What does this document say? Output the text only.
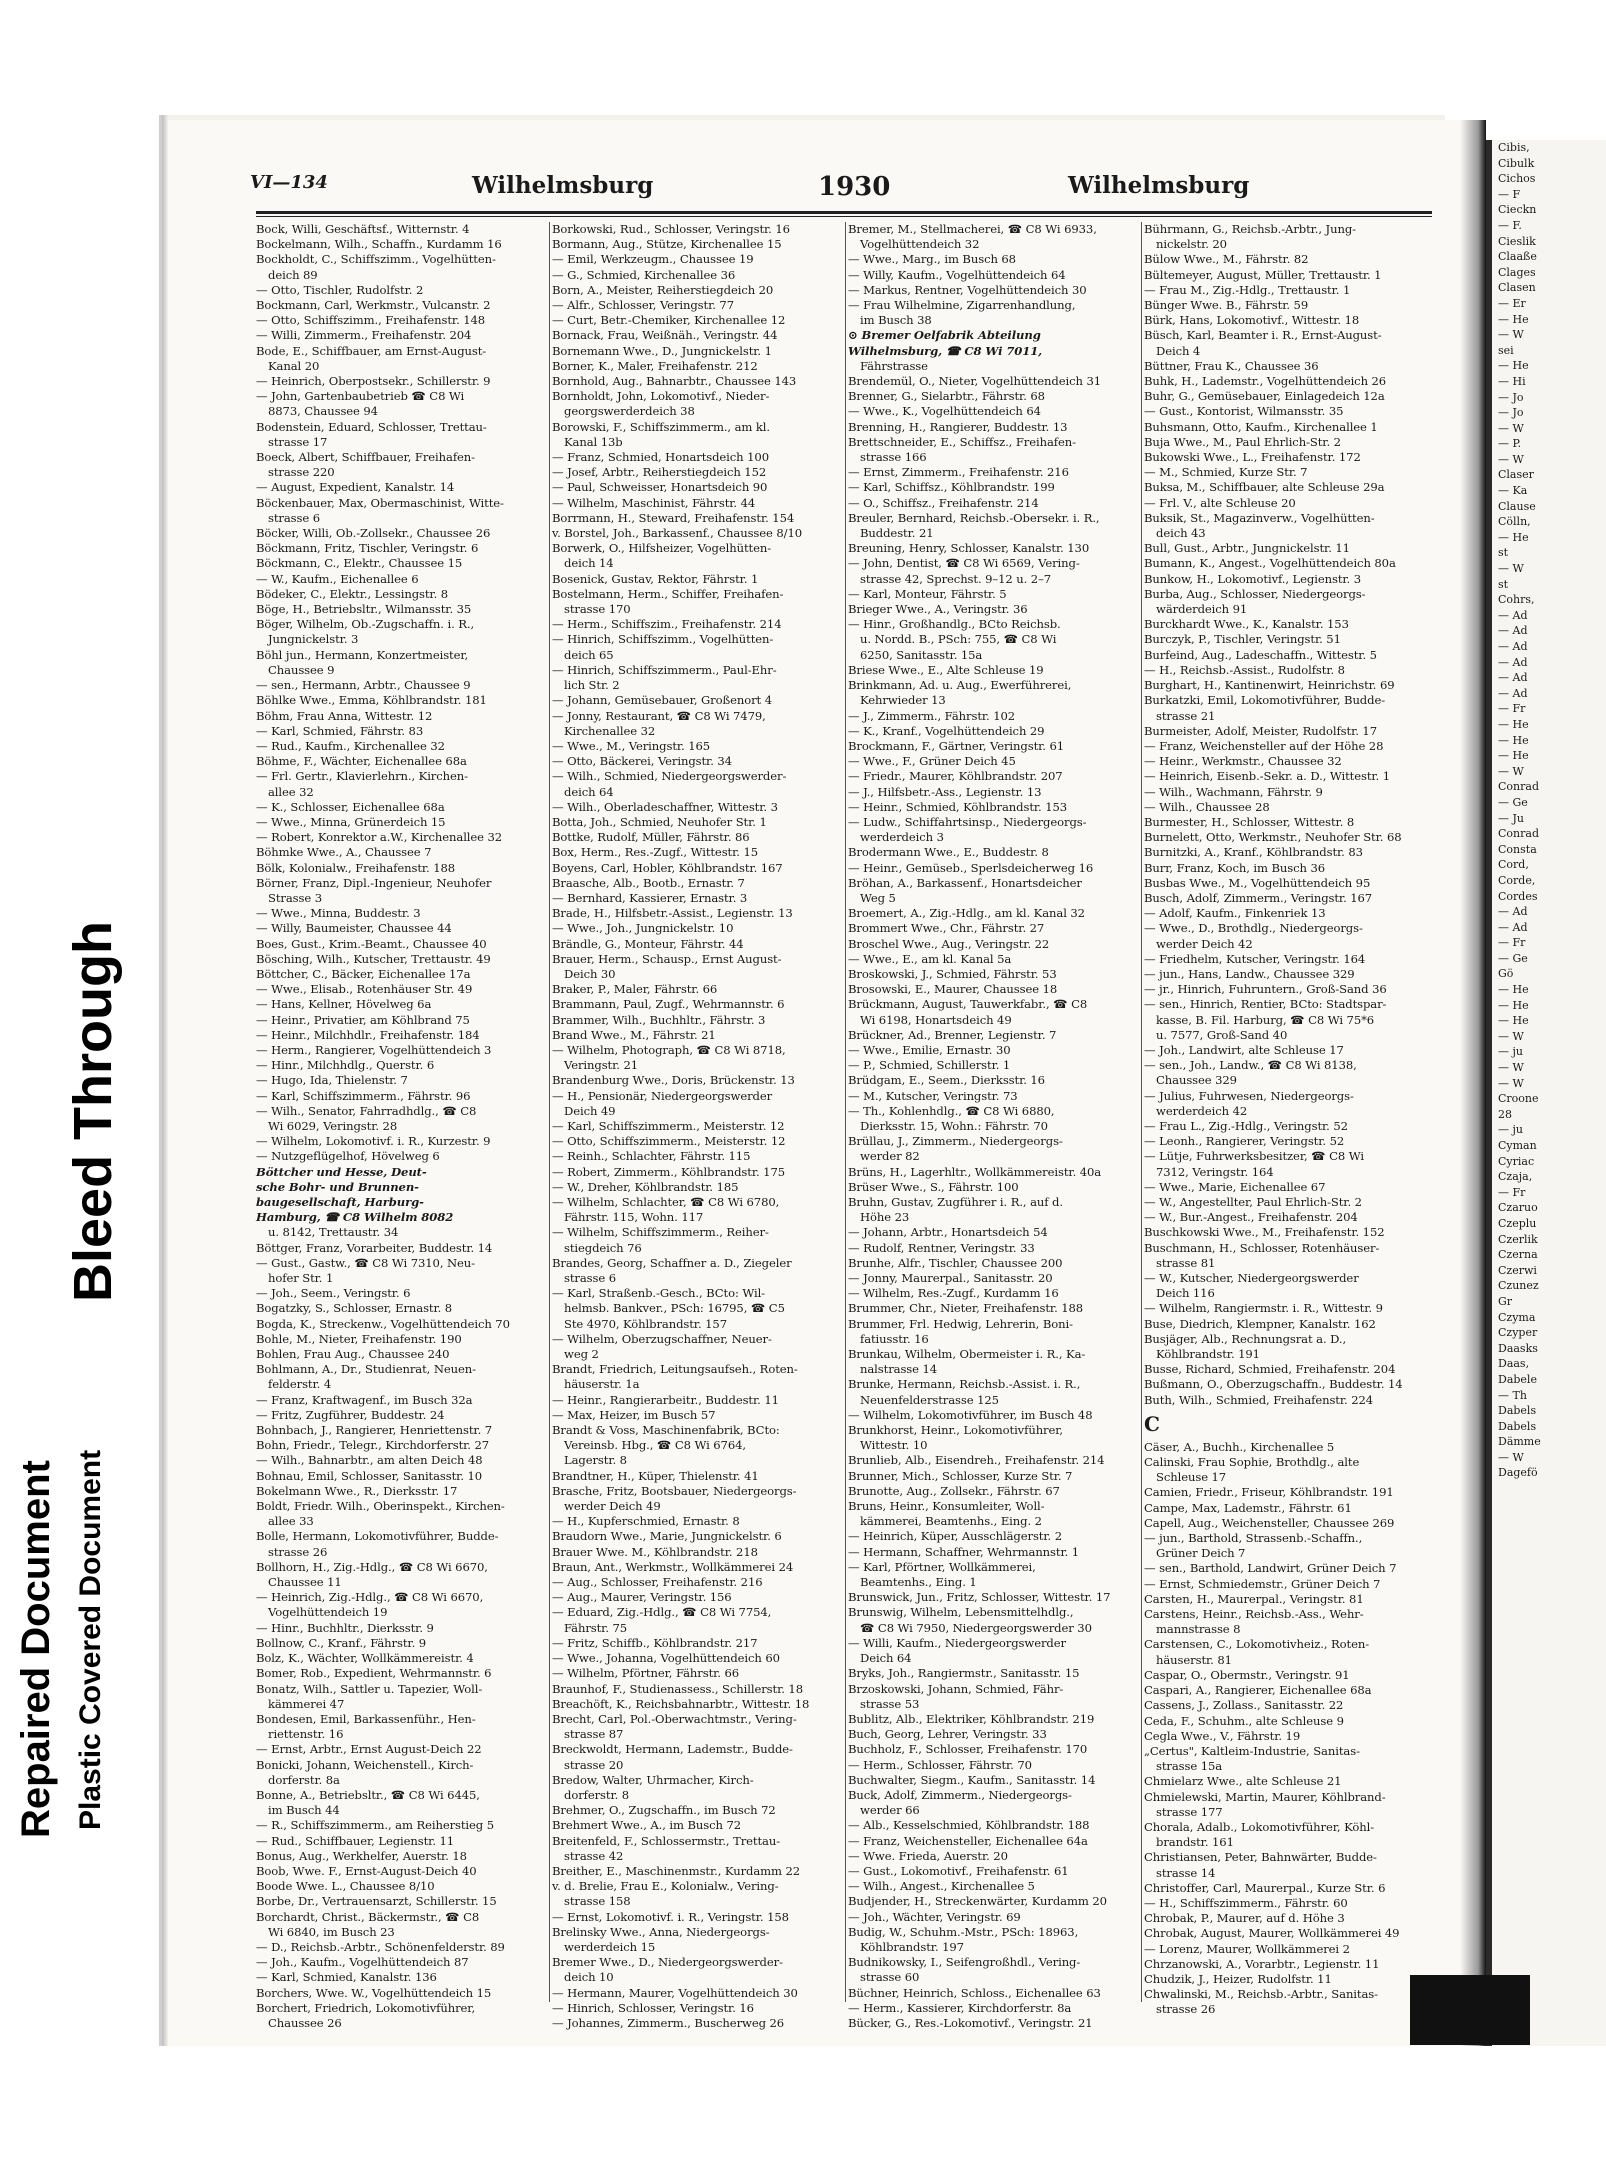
Cibis,
Cibulk
Cichos
— F
Cieckn
— F.
Cieslik
Claaße
Clages
Clasen
— Er
— He
— W
sei
— He
— Hi
— Jo
— Jo
— W
— P.
— W
Claser
— Ka
Clause
Cölln,
— He
st
— W
st
Cohrs,
— Ad
— Ad
— Ad
— Ad
— Ad
— Ad
— Fr
— He
— He
— He
— W
Conrad
— Ge
— Ju
Conrad
Consta
Cord,
Corde,
Cordes
— Ad
— Ad
— Fr
— Ge
Gö
— He
— He
— He
— W
— ju
— W
— W
Croone
28
— ju
Cyman
Cyriac
Czaja,
— Fr
Czaruo
Czeplu
Czerlik
Czerna
Czerwi
Czunez
Gr
Czyma
Czyper
Daasks
Daas,
Dabele
— Th
Dabels
Dabels
Dämme
— W
Dagefö
VI—134	Wilhelmsburg	1930	Wilhelmsburg
Bock, Willi, Geschäftsf., Witternstr. 4
Bockelmann, Wilh., Schaffn., Kurdamm 16
Bockholdt, C., Schiffszimm., Vogelhütten-
deich 89
— Otto, Tischler, Rudolfstr. 2
Bockmann, Carl, Werkmstr., Vulcanstr. 2
— Otto, Schiffszimm., Freihafenstr. 148
— Willi, Zimmerm., Freihafenstr. 204
Bode, E., Schiffbauer, am Ernst-August-
Kanal 20
— Heinrich, Oberpostsekr., Schillerstr. 9
— John, Gartenbaubetrieb ☎ C8 Wi
8873, Chaussee 94
Bodenstein, Eduard, Schlosser, Trettau-
strasse 17
Boeck, Albert, Schiffbauer, Freihafen-
strasse 220
— August, Expedient, Kanalstr. 14
Böckenbauer, Max, Obermaschinist, Witte-
strasse 6
Böcker, Willi, Ob.-Zollsekr., Chaussee 26
Böckmann, Fritz, Tischler, Veringstr. 6
Böckmann, C., Elektr., Chaussee 15
— W., Kaufm., Eichenallee 6
Bödeker, C., Elektr., Lessingstr. 8
Böge, H., Betriebsltr., Wilmansstr. 35
Böger, Wilhelm, Ob.-Zugschaffn. i. R.,
Jungnickelstr. 3
Böhl jun., Hermann, Konzertmeister,
Chaussee 9
— sen., Hermann, Arbtr., Chaussee 9
Böhlke Wwe., Emma, Köhlbrandstr. 181
Böhm, Frau Anna, Wittestr. 12
— Karl, Schmied, Fährstr. 83
— Rud., Kaufm., Kirchenallee 32
Böhme, F., Wächter, Eichenallee 68a
— Frl. Gertr., Klavierlehrn., Kirchen-
allee 32
— K., Schlosser, Eichenallee 68a
— Wwe., Minna, Grünerdeich 15
— Robert, Konrektor a.W., Kirchenallee 32
Böhmke Wwe., A., Chaussee 7
Bölk, Kolonialw., Freihafenstr. 188
Börner, Franz, Dipl.-Ingenieur, Neuhofer
Strasse 3
— Wwe., Minna, Buddestr. 3
— Willy, Baumeister, Chaussee 44
Boes, Gust., Krim.-Beamt., Chaussee 40
Bösching, Wilh., Kutscher, Trettaustr. 49
Böttcher, C., Bäcker, Eichenallee 17a
— Wwe., Elisab., Rotenhäuser Str. 49
— Hans, Kellner, Hövelweg 6a
— Heinr., Privatier, am Köhlbrand 75
— Heinr., Milchhdlr., Freihafenstr. 184
— Herm., Rangierer, Vogelhüttendeich 3
— Hinr., Milchhdlg., Querstr. 6
— Hugo, Ida, Thielenstr. 7
— Karl, Schiffszimmerm., Fährstr. 96
— Wilh., Senator, Fahrradhdlg., ☎ C8
Wi 6029, Veringstr. 28
— Wilhelm, Lokomotivf. i. R., Kurzestr. 9
— Nutzgeflügelhof, Hövelweg 6
Böttcher und Hesse, Deut-
sche Bohr- und Brunnen-
baugesellschaft, Harburg-
Hamburg, ☎ C8 Wilhelm 8082
u. 8142, Trettaustr. 34
Böttger, Franz, Vorarbeiter, Buddestr. 14
— Gust., Gastw., ☎ C8 Wi 7310, Neu-
hofer Str. 1
— Joh., Seem., Veringstr. 6
Bogatzky, S., Schlosser, Ernastr. 8
Bogda, K., Streckenw., Vogelhüttendeich 70
Bohle, M., Nieter, Freihafenstr. 190
Bohlen, Frau Aug., Chaussee 240
Bohlmann, A., Dr., Studienrat, Neuen-
felderstr. 4
— Franz, Kraftwagenf., im Busch 32a
— Fritz, Zugführer, Buddestr. 24
Bohnbach, J., Rangierer, Henriettenstr. 7
Bohn, Friedr., Telegr., Kirchdorferstr. 27
— Wilh., Bahnarbtr., am alten Deich 48
Bohnau, Emil, Schlosser, Sanitasstr. 10
Bokelmann Wwe., R., Dierksstr. 17
Boldt, Friedr. Wilh., Oberinspekt., Kirchen-
allee 33
Bolle, Hermann, Lokomotivführer, Budde-
strasse 26
Bollhorn, H., Zig.-Hdlg., ☎ C8 Wi 6670,
Chaussee 11
— Heinrich, Zig.-Hdlg., ☎ C8 Wi 6670,
Vogelhüttendeich 19
— Hinr., Buchhltr., Dierksstr. 9
Bollnow, C., Kranf., Fährstr. 9
Bolz, K., Wächter, Wollkämmereistr. 4
Bomer, Rob., Expedient, Wehrmannstr. 6
Bonatz, Wilh., Sattler u. Tapezier, Woll-
kämmerei 47
Bondesen, Emil, Barkassenführ., Hen-
riettenstr. 16
— Ernst, Arbtr., Ernst August-Deich 22
Bonicki, Johann, Weichenstell., Kirch-
dorferstr. 8a
Bonne, A., Betriebsltr., ☎ C8 Wi 6445,
im Busch 44
— R., Schiffszimmerm., am Reiherstieg 5
— Rud., Schiffbauer, Legienstr. 11
Bonus, Aug., Werkhelfer, Auerstr. 18
Boob, Wwe. F., Ernst-August-Deich 40
Boode Wwe. L., Chaussee 8/10
Borbe, Dr., Vertrauensarzt, Schillerstr. 15
Borchardt, Christ., Bäckermstr., ☎ C8
Wi 6840, im Busch 23
— D., Reichsb.-Arbtr., Schönenfelderstr. 89
— Joh., Kaufm., Vogelhüttendeich 87
— Karl, Schmied, Kanalstr. 136
Borchers, Wwe. W., Vogelhüttendeich 15
Borchert, Friedrich, Lokomotivführer,
Chaussee 26
Borkowski, Rud., Schlosser, Veringstr. 16
Bormann, Aug., Stütze, Kirchenallee 15
— Emil, Werkzeugm., Chaussee 19
— G., Schmied, Kirchenallee 36
Born, A., Meister, Reiherstiegdeich 20
— Alfr., Schlosser, Veringstr. 77
— Curt, Betr.-Chemiker, Kirchenallee 12
Bornack, Frau, Weißnäh., Veringstr. 44
Bornemann Wwe., D., Jungnickelstr. 1
Borner, K., Maler, Freihafenstr. 212
Bornhold, Aug., Bahnarbtr., Chaussee 143
Bornholdt, John, Lokomotivf., Nieder-
georgswerderdeich 38
Borowski, F., Schiffszimmerm., am kl.
Kanal 13b
— Franz, Schmied, Honartsdeich 100
— Josef, Arbtr., Reiherstiegdeich 152
— Paul, Schweisser, Honartsdeich 90
— Wilhelm, Maschinist, Fährstr. 44
Borrmann, H., Steward, Freihafenstr. 154
v. Borstel, Joh., Barkassenf., Chaussee 8/10
Borwerk, O., Hilfsheizer, Vogelhütten-
deich 14
Bosenick, Gustav, Rektor, Fährstr. 1
Bostelmann, Herm., Schiffer, Freihafen-
strasse 170
— Herm., Schiffszim., Freihafenstr. 214
— Hinrich, Schiffszimm., Vogelhütten-
deich 65
— Hinrich, Schiffszimmerm., Paul-Ehr-
lich Str. 2
— Johann, Gemüsebauer, Großenort 4
— Jonny, Restaurant, ☎ C8 Wi 7479,
Kirchenallee 32
— Wwe., M., Veringstr. 165
— Otto, Bäckerei, Veringstr. 34
— Wilh., Schmied, Niedergeorgswerder-
deich 64
— Wilh., Oberladeschaffner, Wittestr. 3
Botta, Joh., Schmied, Neuhofer Str. 1
Bottke, Rudolf, Müller, Fährstr. 86
Box, Herm., Res.-Zugf., Wittestr. 15
Boyens, Carl, Hobler, Köhlbrandstr. 167
Braasche, Alb., Bootb., Ernastr. 7
— Bernhard, Kassierer, Ernastr. 3
Brade, H., Hilfsbetr.-Assist., Legienstr. 13
— Wwe., Joh., Jungnickelstr. 10
Brändle, G., Monteur, Fährstr. 44
Brauer, Herm., Schausp., Ernst August-
Deich 30
Braker, P., Maler, Fährstr. 66
Brammann, Paul, Zugf., Wehrmannstr. 6
Brammer, Wilh., Buchhltr., Fährstr. 3
Brand Wwe., M., Fährstr. 21
— Wilhelm, Photograph, ☎ C8 Wi 8718,
Veringstr. 21
Brandenburg Wwe., Doris, Brückenstr. 13
— H., Pensionär, Niedergeorgswerder
Deich 49
— Karl, Schiffszimmerm., Meisterstr. 12
— Otto, Schiffszimmerm., Meisterstr. 12
— Reinh., Schlachter, Fährstr. 115
— Robert, Zimmerm., Köhlbrandstr. 175
— W., Dreher, Köhlbrandstr. 185
— Wilhelm, Schlachter, ☎ C8 Wi 6780,
Fährstr. 115, Wohn. 117
— Wilhelm, Schiffszimmerm., Reiher-
stiegdeich 76
Brandes, Georg, Schaffner a. D., Ziegeler
strasse 6
— Karl, Straßenb.-Gesch., BCto: Wil-
helmsb. Bankver., PSch: 16795, ☎ C5
Ste 4970, Köhlbrandstr. 157
— Wilhelm, Oberzugschaffner, Neuer-
weg 2
Brandt, Friedrich, Leitungsaufseh., Roten-
häuserstr. 1a
— Heinr., Rangierarbeitr., Buddestr. 11
— Max, Heizer, im Busch 57
Brandt & Voss, Maschinenfabrik, BCto:
Vereinsb. Hbg., ☎ C8 Wi 6764,
Lagerstr. 8
Brandtner, H., Küper, Thielenstr. 41
Brasche, Fritz, Bootsbauer, Niedergeorgs-
werder Deich 49
— H., Kupferschmied, Ernastr. 8
Braudorn Wwe., Marie, Jungnickelstr. 6
Brauer Wwe. M., Köhlbrandstr. 218
Braun, Ant., Werkmstr., Wollkämmerei 24
— Aug., Schlosser, Freihafenstr. 216
— Aug., Maurer, Veringstr. 156
— Eduard, Zig.-Hdlg., ☎ C8 Wi 7754,
Fährstr. 75
— Fritz, Schiffb., Köhlbrandstr. 217
— Wwe., Johanna, Vogelhüttendeich 60
— Wilhelm, Pförtner, Fährstr. 66
Braunhof, F., Studienassess., Schillerstr. 18
Breachöft, K., Reichsbahnarbtr., Wittestr. 18
Brecht, Carl, Pol.-Oberwachtmstr., Vering-
strasse 87
Breckwoldt, Hermann, Lademstr., Budde-
strasse 20
Bredow, Walter, Uhrmacher, Kirch-
dorferstr. 8
Brehmer, O., Zugschaffn., im Busch 72
Brehmert Wwe., A., im Busch 72
Breitenfeld, F., Schlossermstr., Trettau-
strasse 42
Breither, E., Maschinenmstr., Kurdamm 22
v. d. Brelie, Frau E., Kolonialw., Vering-
strasse 158
— Ernst, Lokomotivf. i. R., Veringstr. 158
Brelinsky Wwe., Anna, Niedergeorgs-
werderdeich 15
Bremer Wwe., D., Niedergeorgswerder-
deich 10
— Hermann, Maurer, Vogelhüttendeich 30
— Hinrich, Schlosser, Veringstr. 16
— Johannes, Zimmerm., Buscherweg 26
Bremer, M., Stellmacherei, ☎ C8 Wi 6933,
Vogelhüttendeich 32
— Wwe., Marg., im Busch 68
— Willy, Kaufm., Vogelhüttendeich 64
— Markus, Rentner, Vogelhüttendeich 30
— Frau Wilhelmine, Zigarrenhandlung,
im Busch 38
⊙ Bremer Oelfabrik Abteilung
Wilhelmsburg, ☎ C8 Wi 7011,
Fährstrasse
Brendemül, O., Nieter, Vogelhüttendeich 31
Brenner, G., Sielarbtr., Fährstr. 68
— Wwe., K., Vogelhüttendeich 64
Brenning, H., Rangierer, Buddestr. 13
Brettschneider, E., Schiffsz., Freihafen-
strasse 166
— Ernst, Zimmerm., Freihafenstr. 216
— Karl, Schiffsz., Köhlbrandstr. 199
— O., Schiffsz., Freihafenstr. 214
Breuler, Bernhard, Reichsb.-Obersekr. i. R.,
Buddestr. 21
Breuning, Henry, Schlosser, Kanalstr. 130
— John, Dentist, ☎ C8 Wi 6569, Vering-
strasse 42, Sprechst. 9–12 u. 2–7
— Karl, Monteur, Fährstr. 5
Brieger Wwe., A., Veringstr. 36
— Hinr., Großhandlg., BCto Reichsb.
u. Nordd. B., PSch: 755, ☎ C8 Wi
6250, Sanitasstr. 15a
Briese Wwe., E., Alte Schleuse 19
Brinkmann, Ad. u. Aug., Ewerführerei,
Kehrwieder 13
— J., Zimmerm., Fährstr. 102
— K., Kranf., Vogelhüttendeich 29
Brockmann, F., Gärtner, Veringstr. 61
— Wwe., F., Grüner Deich 45
— Friedr., Maurer, Köhlbrandstr. 207
— J., Hilfsbetr.-Ass., Legienstr. 13
— Heinr., Schmied, Köhlbrandstr. 153
— Ludw., Schiffahrtsinsp., Niedergeorgs-
werderdeich 3
Brodermann Wwe., E., Buddestr. 8
— Heinr., Gemüseb., Sperlsdeicherweg 16
Bröhan, A., Barkassenf., Honartsdeicher
Weg 5
Broemert, A., Zig.-Hdlg., am kl. Kanal 32
Brommert Wwe., Chr., Fährstr. 27
Broschel Wwe., Aug., Veringstr. 22
— Wwe., E., am kl. Kanal 5a
Broskowski, J., Schmied, Fährstr. 53
Brosowski, E., Maurer, Chaussee 18
Brückmann, August, Tauwerkfabr., ☎ C8
Wi 6198, Honartsdeich 49
Brückner, Ad., Brenner, Legienstr. 7
— Wwe., Emilie, Ernastr. 30
— P., Schmied, Schillerstr. 1
Brüdgam, E., Seem., Dierksstr. 16
— M., Kutscher, Veringstr. 73
— Th., Kohlenhdlg., ☎ C8 Wi 6880,
Dierksstr. 15, Wohn.: Fährstr. 70
Brüllau, J., Zimmerm., Niedergeorgs-
werder 82
Brüns, H., Lagerhltr., Wollkämmereistr. 40a
Brüser Wwe., S., Fährstr. 100
Bruhn, Gustav, Zugführer i. R., auf d.
Höhe 23
— Johann, Arbtr., Honartsdeich 54
— Rudolf, Rentner, Veringstr. 33
Brunhe, Alfr., Tischler, Chaussee 200
— Jonny, Maurerpal., Sanitasstr. 20
— Wilhelm, Res.-Zugf., Kurdamm 16
Brummer, Chr., Nieter, Freihafenstr. 188
Brummer, Frl. Hedwig, Lehrerin, Boni-
fatiusstr. 16
Brunkau, Wilhelm, Obermeister i. R., Ka-
nalstrasse 14
Brunke, Hermann, Reichsb.-Assist. i. R.,
Neuenfelderstrasse 125
— Wilhelm, Lokomotivführer, im Busch 48
Brunkhorst, Heinr., Lokomotivführer,
Wittestr. 10
Brunlieb, Alb., Eisendreh., Freihafenstr. 214
Brunner, Mich., Schlosser, Kurze Str. 7
Brunotte, Aug., Zollsekr., Fährstr. 67
Bruns, Heinr., Konsumleiter, Woll-
kämmerei, Beamtenhs., Eing. 2
— Heinrich, Küper, Ausschlägerstr. 2
— Hermann, Schaffner, Wehrmannstr. 1
— Karl, Pförtner, Wollkämmerei,
Beamtenhs., Eing. 1
Brunswick, Jun., Fritz, Schlosser, Wittestr. 17
Brunswig, Wilhelm, Lebensmittelhdlg.,
☎ C8 Wi 7950, Niedergeorgswerder 30
— Willi, Kaufm., Niedergeorgswerder
Deich 64
Bryks, Joh., Rangiermstr., Sanitasstr. 15
Brzoskowski, Johann, Schmied, Fähr-
strasse 53
Bublitz, Alb., Elektriker, Köhlbrandstr. 219
Buch, Georg, Lehrer, Veringstr. 33
Buchholz, F., Schlosser, Freihafenstr. 170
— Herm., Schlosser, Fährstr. 70
Buchwalter, Siegm., Kaufm., Sanitasstr. 14
Buck, Adolf, Zimmerm., Niedergeorgs-
werder 66
— Alb., Kesselschmied, Köhlbrandstr. 188
— Franz, Weichensteller, Eichenallee 64a
— Wwe. Frieda, Auerstr. 20
— Gust., Lokomotivf., Freihafenstr. 61
— Wilh., Angest., Kirchenallee 5
Budjender, H., Streckenwärter, Kurdamm 20
— Joh., Wächter, Veringstr. 69
Budig, W., Schuhm.-Mstr., PSch: 18963,
Köhlbrandstr. 197
Budnikowsky, I., Seifengroßhdl., Vering-
strasse 60
Büchner, Heinrich, Schloss., Eichenallee 63
— Herm., Kassierer, Kirchdorferstr. 8a
Bücker, G., Res.-Lokomotivf., Veringstr. 21
Bührmann, G., Reichsb.-Arbtr., Jung-
nickelstr. 20
Bülow Wwe., M., Fährstr. 82
Bültemeyer, August, Müller, Trettaustr. 1
— Frau M., Zig.-Hdlg., Trettaustr. 1
Bünger Wwe. B., Fährstr. 59
Bürk, Hans, Lokomotivf., Wittestr. 18
Büsch, Karl, Beamter i. R., Ernst-August-
Deich 4
Büttner, Frau K., Chaussee 36
Buhk, H., Lademstr., Vogelhüttendeich 26
Buhr, G., Gemüsebauer, Einlagedeich 12a
— Gust., Kontorist, Wilmansstr. 35
Buhsmann, Otto, Kaufm., Kirchenallee 1
Buja Wwe., M., Paul Ehrlich-Str. 2
Bukowski Wwe., L., Freihafenstr. 172
— M., Schmied, Kurze Str. 7
Buksa, M., Schiffbauer, alte Schleuse 29a
— Frl. V., alte Schleuse 20
Buksik, St., Magazinverw., Vogelhütten-
deich 43
Bull, Gust., Arbtr., Jungnickelstr. 11
Bumann, K., Angest., Vogelhüttendeich 80a
Bunkow, H., Lokomotivf., Legienstr. 3
Burba, Aug., Schlosser, Niedergeorgs-
wärderdeich 91
Burckhardt Wwe., K., Kanalstr. 153
Burczyk, P., Tischler, Veringstr. 51
Burfeind, Aug., Ladeschaffn., Wittestr. 5
— H., Reichsb.-Assist., Rudolfstr. 8
Burghart, H., Kantinenwirt, Heinrichstr. 69
Burkatzki, Emil, Lokomotivführer, Budde-
strasse 21
Burmeister, Adolf, Meister, Rudolfstr. 17
— Franz, Weichensteller auf der Höhe 28
— Heinr., Werkmstr., Chaussee 32
— Heinrich, Eisenb.-Sekr. a. D., Wittestr. 1
— Wilh., Wachmann, Fährstr. 9
— Wilh., Chaussee 28
Burmester, H., Schlosser, Wittestr. 8
Burnelett, Otto, Werkmstr., Neuhofer Str. 68
Burnitzki, A., Kranf., Köhlbrandstr. 83
Burr, Franz, Koch, im Busch 36
Busbas Wwe., M., Vogelhüttendeich 95
Busch, Adolf, Zimmerm., Veringstr. 167
— Adolf, Kaufm., Finkenriek 13
— Wwe., D., Brothdlg., Niedergeorgs-
werder Deich 42
— Friedhelm, Kutscher, Veringstr. 164
— jun., Hans, Landw., Chaussee 329
— jr., Hinrich, Fuhruntern., Groß-Sand 36
— sen., Hinrich, Rentier, BCto: Stadtspar-
kasse, B. Fil. Harburg, ☎ C8 Wi 75*6
u. 7577, Groß-Sand 40
— Joh., Landwirt, alte Schleuse 17
— sen., Joh., Landw., ☎ C8 Wi 8138,
Chaussee 329
— Julius, Fuhrwesen, Niedergeorgs-
werderdeich 42
— Frau L., Zig.-Hdlg., Veringstr. 52
— Leonh., Rangierer, Veringstr. 52
— Lütje, Fuhrwerksbesitzer, ☎ C8 Wi
7312, Veringstr. 164
— Wwe., Marie, Eichenallee 67
— W., Angestellter, Paul Ehrlich-Str. 2
— W., Bur.-Angest., Freihafenstr. 204
Buschkowski Wwe., M., Freihafenstr. 152
Buschmann, H., Schlosser, Rotenhäuser-
strasse 81
— W., Kutscher, Niedergeorgswerder
Deich 116
— Wilhelm, Rangiermstr. i. R., Wittestr. 9
Buse, Diedrich, Klempner, Kanalstr. 162
Busjäger, Alb., Rechnungsrat a. D.,
Köhlbrandstr. 191
Busse, Richard, Schmied, Freihafenstr. 204
Bußmann, O., Oberzugschaffn., Buddestr. 14
Buth, Wilh., Schmied, Freihafenstr. 224
C
Cäser, A., Buchh., Kirchenallee 5
Calinski, Frau Sophie, Brothdlg., alte
Schleuse 17
Camien, Friedr., Friseur, Köhlbrandstr. 191
Campe, Max, Lademstr., Fährstr. 61
Capell, Aug., Weichensteller, Chaussee 269
— jun., Barthold, Strassenb.-Schaffn.,
Grüner Deich 7
— sen., Barthold, Landwirt, Grüner Deich 7
— Ernst, Schmiedemstr., Grüner Deich 7
Carsten, H., Maurerpal., Veringstr. 81
Carstens, Heinr., Reichsb.-Ass., Wehr-
mannstrasse 8
Carstensen, C., Lokomotivheiz., Roten-
häuserstr. 81
Caspar, O., Obermstr., Veringstr. 91
Caspari, A., Rangierer, Eichenallee 68a
Cassens, J., Zollass., Sanitasstr. 22
Ceda, F., Schuhm., alte Schleuse 9
Cegla Wwe., V., Fährstr. 19
„Certus", Kaltleim-Industrie, Sanitas-
strasse 15a
Chmielarz Wwe., alte Schleuse 21
Chmielewski, Martin, Maurer, Köhlbrand-
strasse 177
Chorala, Adalb., Lokomotivführer, Köhl-
brandstr. 161
Christiansen, Peter, Bahnwärter, Budde-
strasse 14
Christoffer, Carl, Maurerpal., Kurze Str. 6
— H., Schiffszimmerm., Fährstr. 60
Chrobak, P., Maurer, auf d. Höhe 3
Chrobak, August, Maurer, Wollkämmerei 49
— Lorenz, Maurer, Wollkämmerei 2
Chrzanowski, A., Vorarbtr., Legienstr. 11
Chudzik, J., Heizer, Rudolfstr. 11
Chwalinski, M., Reichsb.-Arbtr., Sanitas-
strasse 26
Repaired Document Plastic Covered Document
Bleed Through
